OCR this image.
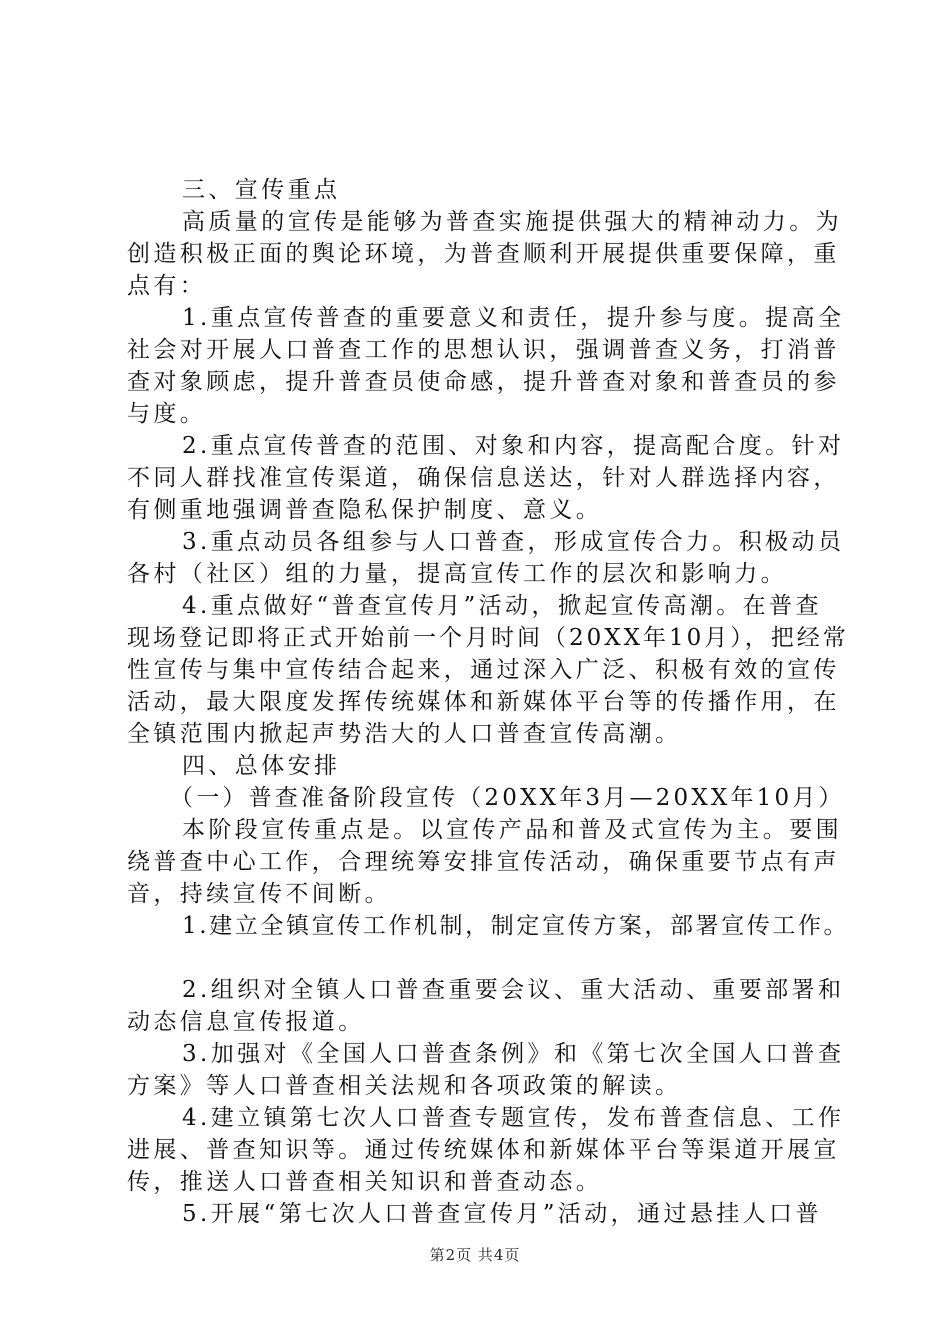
三、宣传重点
高质量的宣传是能够为普查实施提供强大的精神动力。为
创造积极正面的舆论环境，为普查顺利开展提供重要保障，重
点有：
1.重点宣传普查的重要意义和责任，提升参与度。提高全
社会对开展人口普查工作的思想认识，强调普查义务，打消普
查对象顾虑，提升普查员使命感，提升普查对象和普查员的参
与度。
2.重点宣传普查的范围、对象和内容，提高配合度。针对
不同人群找准宣传渠道，确保信息送达，针对人群选择内容，
有侧重地强调普查隐私保护制度、意义。
3.重点动员各组参与人口普查，形成宣传合力。积极动员
各村（社区）组的力量，提高宣传工作的层次和影响力。
4.重点做好“普查宣传月”活动，掀起宣传高潮。在普查
现场登记即将正式开始前一个月时间（20XX年10月），把经常
性宣传与集中宣传结合起来，通过深入广泛、积极有效的宣传
活动，最大限度发挥传统媒体和新媒体平台等的传播作用，在
全镇范围内掀起声势浩大的人口普查宣传高潮。
四、总体安排
（一）普查准备阶段宣传（20XX年3月—20XX年10月）
本阶段宣传重点是。以宣传产品和普及式宣传为主。要围
绕普查中心工作，合理统筹安排宣传活动，确保重要节点有声
音，持续宣传不间断。
1.建立全镇宣传工作机制，制定宣传方案，部署宣传工作。
2.组织对全镇人口普查重要会议、重大活动、重要部署和
动态信息宣传报道。
3.加强对《全国人口普查条例》和《第七次全国人口普查
方案》等人口普查相关法规和各项政策的解读。
4.建立镇第七次人口普查专题宣传，发布普查信息、工作
进展、普查知识等。通过传统媒体和新媒体平台等渠道开展宣
传，推送人口普查相关知识和普查动态。
5.开展“第七次人口普查宣传月”活动，通过悬挂人口普
第2页 共4页
